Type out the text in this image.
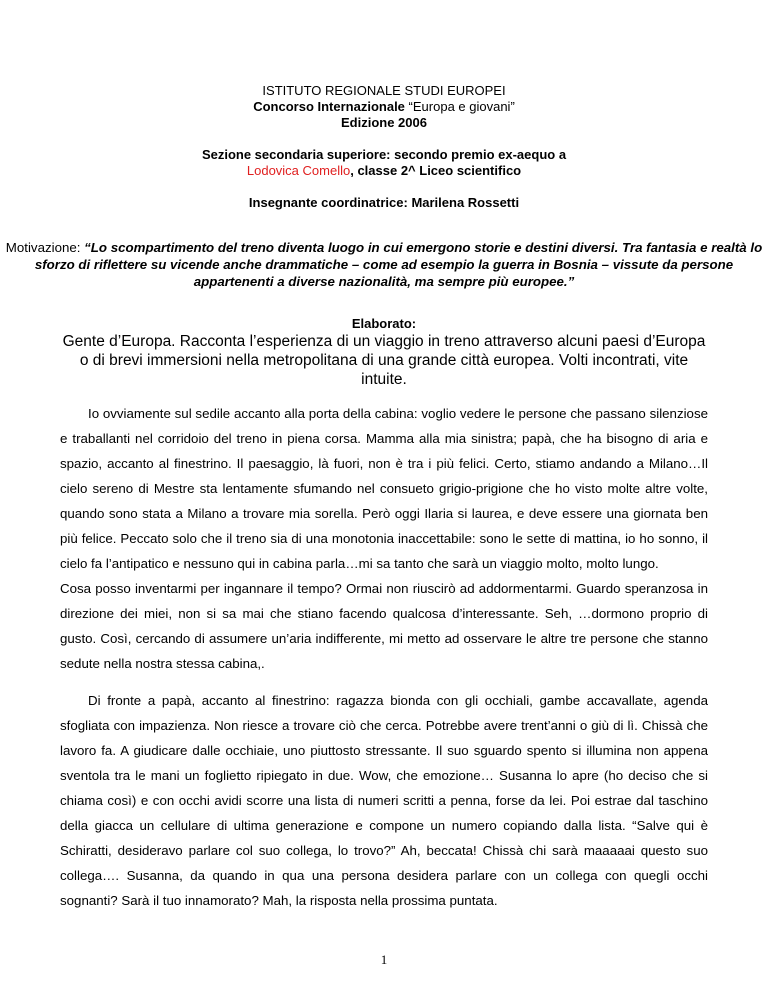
ISTITUTO REGIONALE STUDI EUROPEI
Concorso Internazionale “Europa e giovani”
Edizione 2006
Sezione secondaria superiore: secondo premio ex-aequo a
Lodovica Comello, classe 2^ Liceo scientifico
Insegnante coordinatrice: Marilena Rossetti
Motivazione: “Lo scompartimento del treno diventa luogo in cui emergono storie e destini diversi. Tra fantasia e realtà lo sforzo di riflettere su vicende anche drammatiche – come ad esempio la guerra in Bosnia – vissute da persone appartenenti a diverse nazionalità, ma sempre più europee.”
Elaborato:
Gente d’Europa. Racconta l’esperienza di un viaggio in treno attraverso alcuni paesi d’Europa o di brevi immersioni nella metropolitana di una grande città europea. Volti incontrati, vite intuite.
Io ovviamente sul sedile accanto alla porta della cabina: voglio vedere le persone che passano silenziose e traballanti nel corridoio del treno in piena corsa. Mamma alla mia sinistra; papà, che ha bisogno di aria e spazio, accanto al finestrino. Il paesaggio, là fuori, non è tra i più felici. Certo, stiamo andando a Milano…Il cielo sereno di Mestre sta lentamente sfumando nel consueto grigio-prigione che ho visto molte altre volte, quando sono stata a Milano a trovare mia sorella. Però oggi Ilaria si laurea, e deve essere una giornata ben più felice. Peccato solo che il treno sia di una monotonia inaccettabile: sono le sette di mattina, io ho sonno, il cielo fa l’antipatico e nessuno qui in cabina parla…mi sa tanto che sarà un viaggio molto, molto lungo.
Cosa posso inventarmi per ingannare il tempo? Ormai non riuscirò ad addormentarmi. Guardo speranzosa in direzione dei miei, non si sa mai che stiano facendo qualcosa d’interessante. Seh, …dormono proprio di gusto. Così, cercando di assumere un’aria indifferente, mi metto ad osservare le altre tre persone che stanno sedute nella nostra stessa cabina,.
Di fronte a papà, accanto al finestrino: ragazza bionda con gli occhiali, gambe accavallate, agenda sfogliata con impazienza. Non riesce a trovare ciò che cerca. Potrebbe avere trent’anni o giù di lì. Chissà che lavoro fa. A giudicare dalle occhiaie, uno piuttosto stressante. Il suo sguardo spento si illumina non appena sventola tra le mani un foglietto ripiegato in due. Wow, che emozione… Susanna lo apre (ho deciso che si chiama così) e con occhi avidi scorre una lista di numeri scritti a penna, forse da lei. Poi estrae dal taschino della giacca un cellulare di ultima generazione e compone un numero copiando dalla lista. “Salve qui è Schiratti, desideravo parlare col suo collega, lo trovo?” Ah, beccata! Chissà chi sarà maaaaai questo suo collega…. Susanna, da quando in qua una persona desidera parlare con un collega con quegli occhi sognanti? Sarà il tuo innamorato? Mah, la risposta nella prossima puntata.
1
